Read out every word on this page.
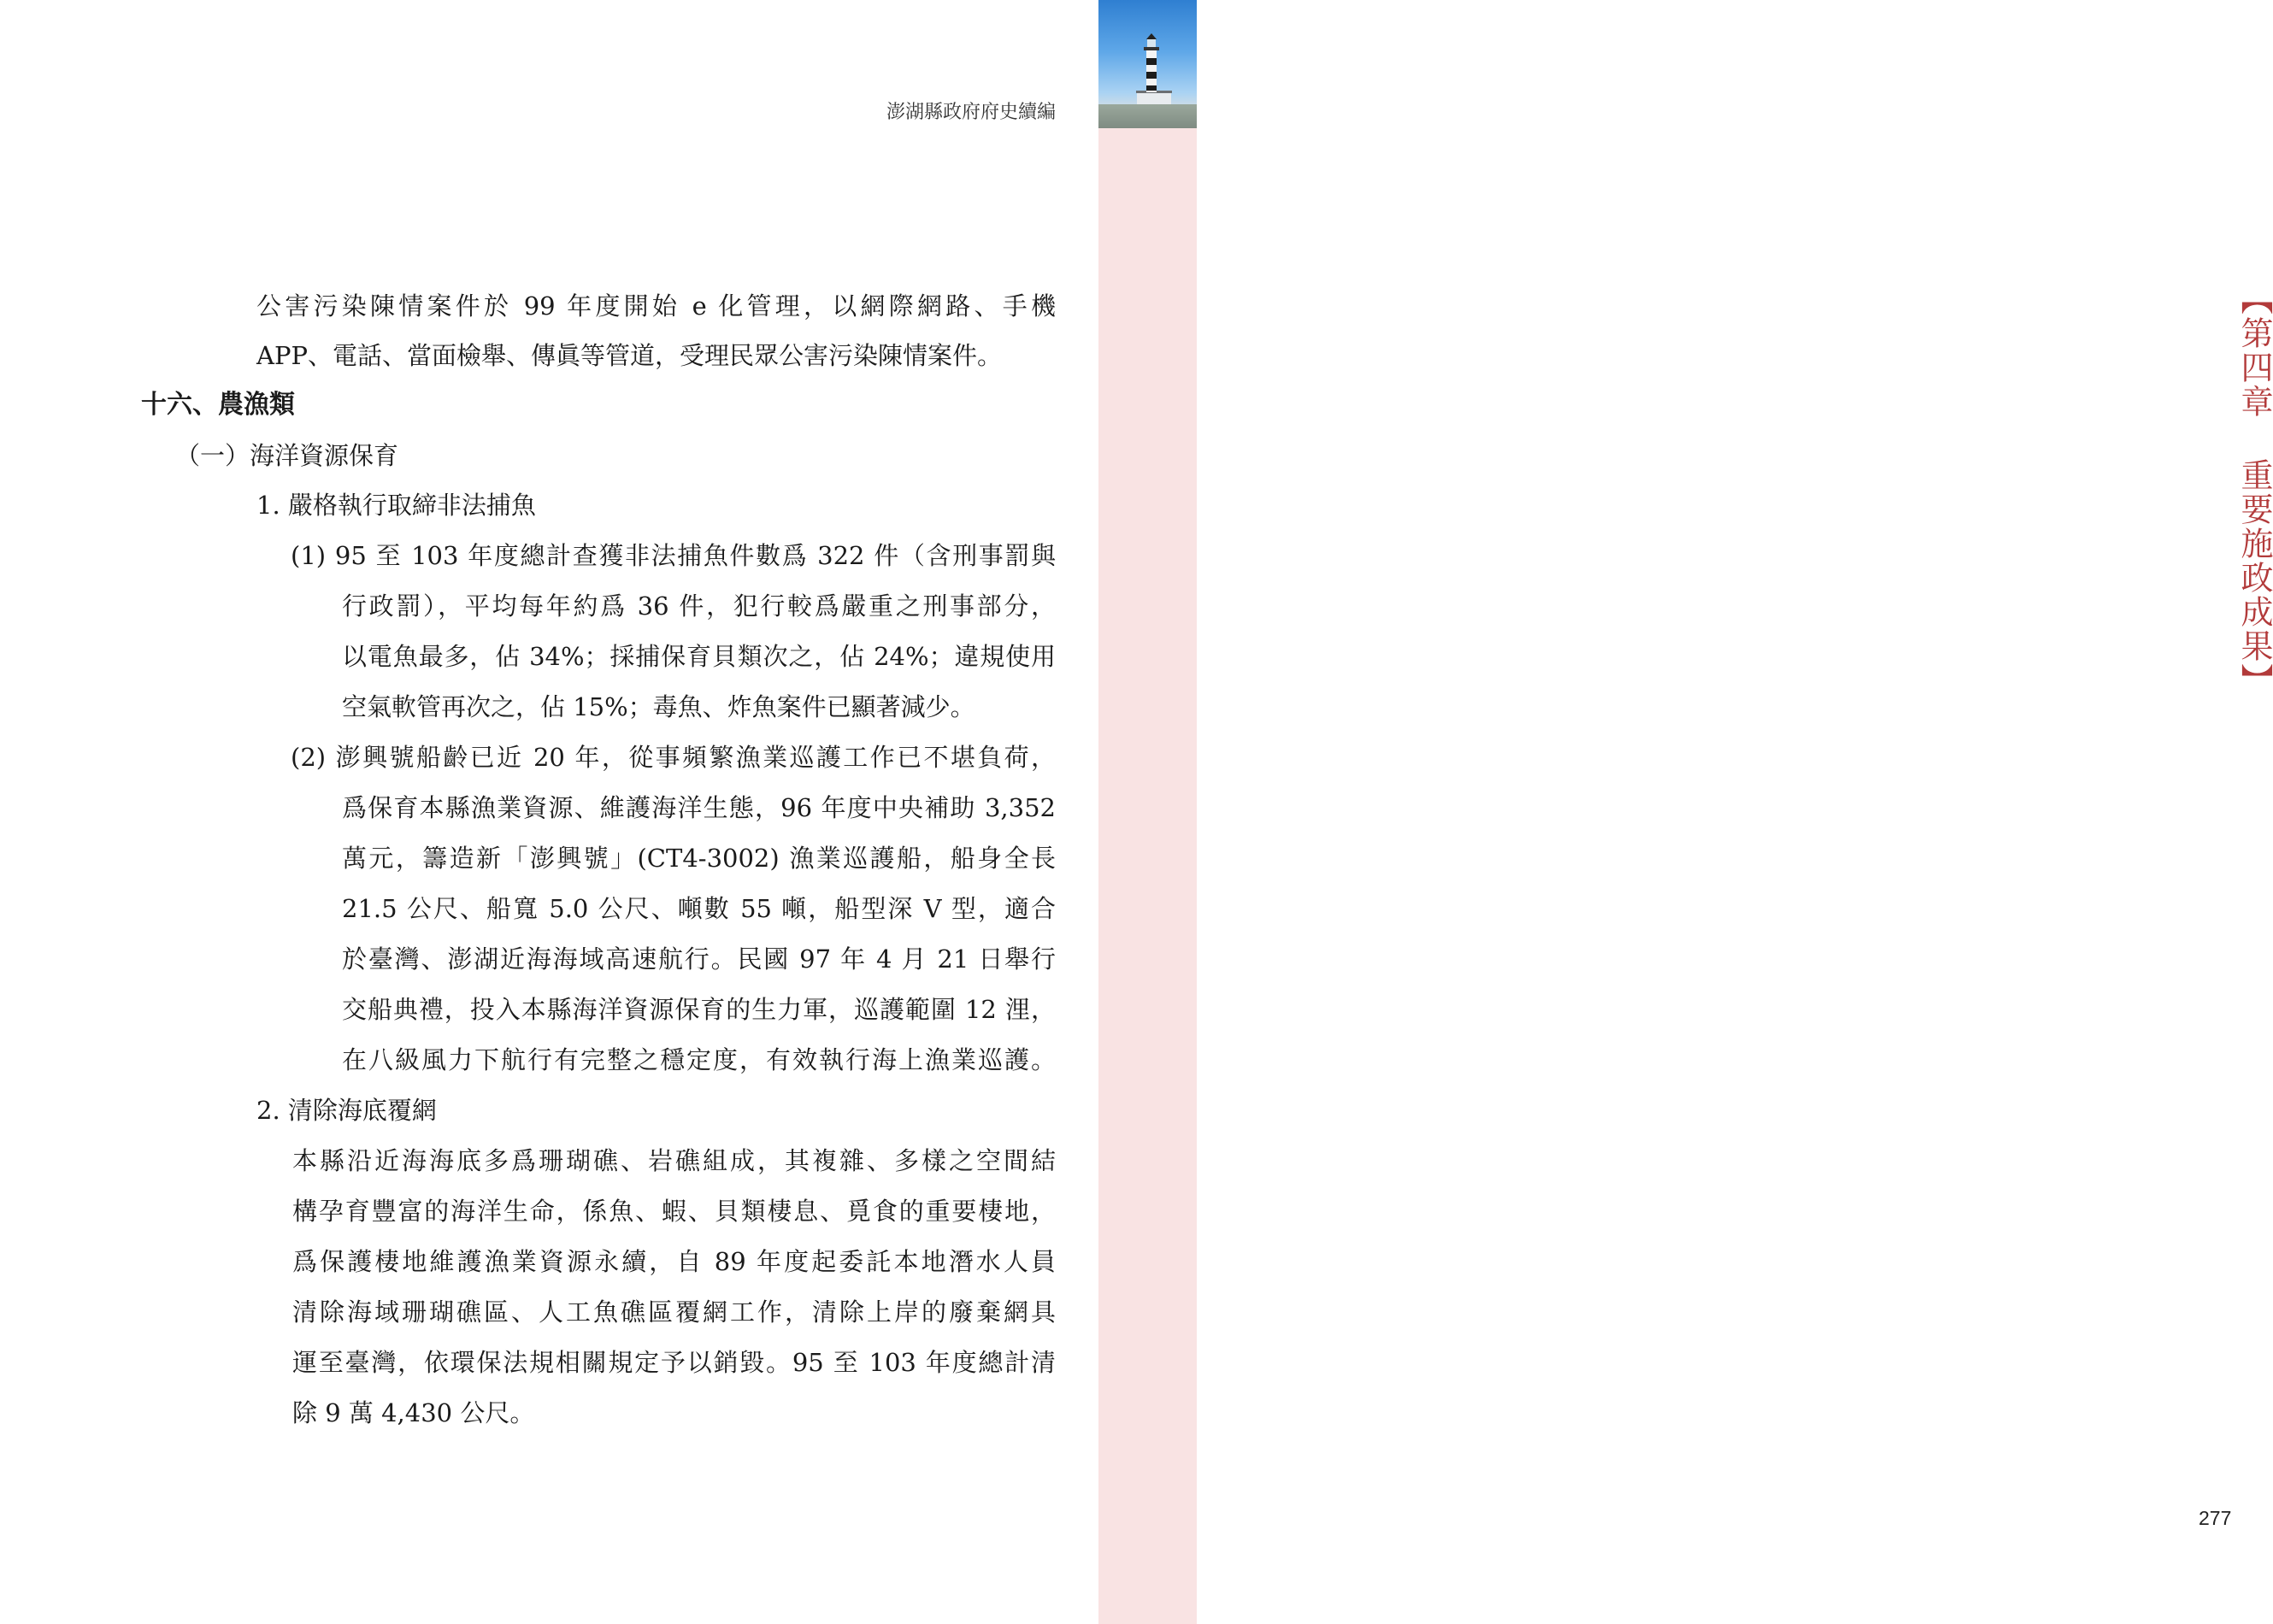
【第四章 重要施政成果】
277
澎湖縣政府府史續編
公害污染陳情案件於 99 年度開始 e 化管理，以網際網路、手機
APP、電話、當面檢舉、傳眞等管道，受理民眾公害污染陳情案件。
十六、農漁類
（一）海洋資源保育
1. 嚴格執行取締非法捕魚
(1) 95 至 103 年度總計查獲非法捕魚件數爲 322 件（含刑事罰與
行政罰），平均每年約爲 36 件，犯行較爲嚴重之刑事部分，
以電魚最多，佔 34%；採捕保育貝類次之，佔 24%；違規使用
空氣軟管再次之，佔 15%；毒魚、炸魚案件已顯著減少。
(2) 澎興號船齡已近 20 年，從事頻繁漁業巡護工作已不堪負荷，
爲保育本縣漁業資源、維護海洋生態，96 年度中央補助 3,352
萬元，籌造新「澎興號」(CT4-3002) 漁業巡護船，船身全長
21.5 公尺、船寬 5.0 公尺、噸數 55 噸，船型深 V 型，適合
於臺灣、澎湖近海海域高速航行。民國 97 年 4 月 21 日舉行
交船典禮，投入本縣海洋資源保育的生力軍，巡護範圍 12 浬，
在八級風力下航行有完整之穩定度，有效執行海上漁業巡護。
2. 清除海底覆網
本縣沿近海海底多爲珊瑚礁、岩礁組成，其複雜、多樣之空間結
構孕育豐富的海洋生命，係魚、蝦、貝類棲息、覓食的重要棲地，
爲保護棲地維護漁業資源永續，自 89 年度起委託本地潛水人員
清除海域珊瑚礁區、人工魚礁區覆網工作，清除上岸的廢棄網具
運至臺灣，依環保法規相關規定予以銷毀。95 至 103 年度總計清
除 9 萬 4,430 公尺。
